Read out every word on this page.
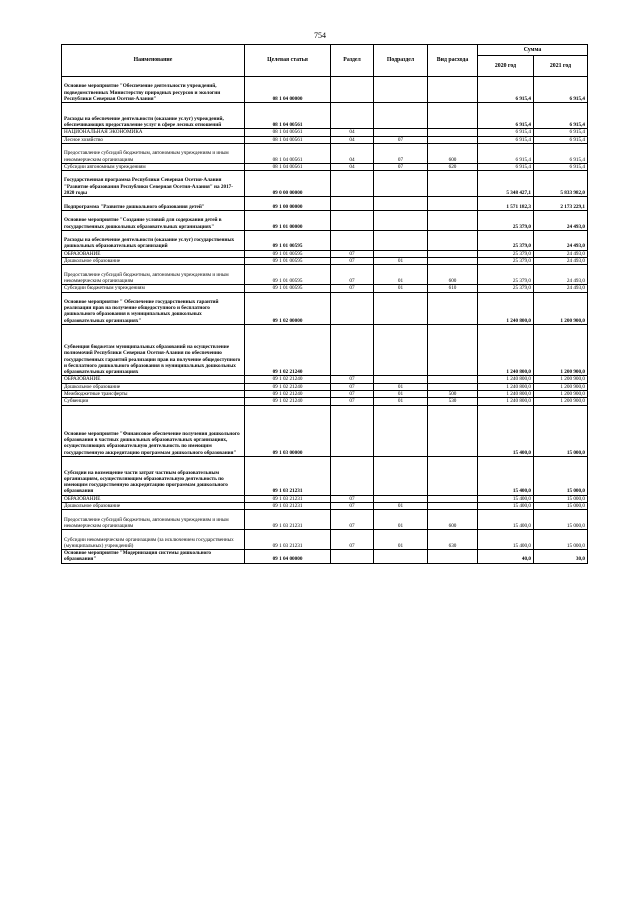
754
Наименование	Целевая статья	Раздел	Подраздел	Вид расхода	Сумма	
					2020 год	2021 год
Основное мероприятие "Обеспечение деятельности учреждений, подведомственных Министерству природных ресурсов и экологии Республики Северная Осетия-Алания"	08 1 04 00000				6 915,4	6 915,4
Расходы на обеспечение деятельности (оказание услуг) учреждений, обеспечивающих предоставление услуг в сфере лесных отношений	08 1 04 00561				6 915,4	6 915,4
НАЦИОНАЛЬНАЯ ЭКОНОМИКА	08 1 04 00561	04			6 915,4	6 915,4
Лесное хозяйство	08 1 04 00561	04	07		6 915,4	6 915,4
Предоставление субсидий бюджетным, автономным учреждениям и иным некоммерческим организациям	08 1 04 00561	04	07	600	6 915,4	6 915,4
Субсидии автономным учреждениям	08 1 04 00561	04	07	620	6 915,4	6 915,4
Государственная программа Республики Северная Осетия-Алания "Развитие образования Республики Северная Осетия-Алания" на 2017-2020 годы	09 0 00 00000				5 348 427,1	5 833 982,0
Подпрограмма "Развитие дошкольного образования детей"	09 1 00 00000				1 571 182,3	2 173 229,1
Основное мероприятие "Создание условий для содержания детей в государственных дошкольных образовательных организациях"	09 1 01 00000				25 379,0	24 493,0
Расходы на обеспечение деятельности (оказание услуг) государственных дошкольных образовательных организаций	09 1 01 00595				25 379,0	24 493,0
ОБРАЗОВАНИЕ	09 1 01 00595	07			25 379,0	24 493,0
Дошкольное образование	09 1 01 00595	07	01		25 379,0	24 493,0
Предоставление субсидий бюджетным, автономным учреждениям и иным некоммерческим организациям	09 1 01 00595	07	01	600	25 379,0	24 493,0
Субсидии бюджетным учреждениям	09 1 01 00595	07	01	610	25 379,0	24 493,0
Основное мероприятие " Обеспечение государственных гарантий реализации прав на получение общедоступного и бесплатного дошкольного образования в муниципальных дошкольных образовательных организациях"	09 1 02 00000				1 240 800,0	1 200 900,0
Субвенция бюджетам муниципальных образований на осуществление полномочий Республики Северная Осетия-Алания по обеспечению государственных гарантий реализации прав на получение общедоступного и бесплатного дошкольного образования в муниципальных дошкольных образовательных организациях	09 1 02 21240				1 240 800,0	1 200 900,0
ОБРАЗОВАНИЕ	09 1 02 21240	07			1 240 800,0	1 200 900,0
Дошкольное образование	09 1 02 21240	07	01		1 240 800,0	1 200 900,0
Межбюджетные трансферты	09 1 02 21240	07	01	500	1 240 800,0	1 200 900,0
Субвенции	09 1 02 21240	07	01	530	1 240 800,0	1 200 900,0
Основное мероприятие "Финансовое обеспечение получения дошкольного образования в частных дошкольных образовательных организациях, осуществляющих образовательную деятельность по имеющим государственную аккредитацию программам дошкольного образования"	09 1 03 00000				15 400,0	15 000,0
Субсидии на возмещение части затрат частным образовательным организациям, осуществляющим образовательную деятельность по имеющим государственную аккредитацию программам дошкольного образования	09 1 03 21231				15 400,0	15 000,0
ОБРАЗОВАНИЕ	09 1 03 21231	07			15 400,0	15 000,0
Дошкольное образование	09 1 03 21231	07	01		15 400,0	15 000,0
Предоставление субсидий бюджетным, автономным учреждениям и иным некоммерческим организациям	09 1 03 21231	07	01	600	15 400,0	15 000,0
Субсидии некоммерческим организациям (за исключением государственных (муниципальных) учреждений)	09 1 03 21231	07	01	630	15 400,0	15 000,0
Основное мероприятие "Модернизация системы дошкольного образования"	09 1 04 00000				40,0	30,0
